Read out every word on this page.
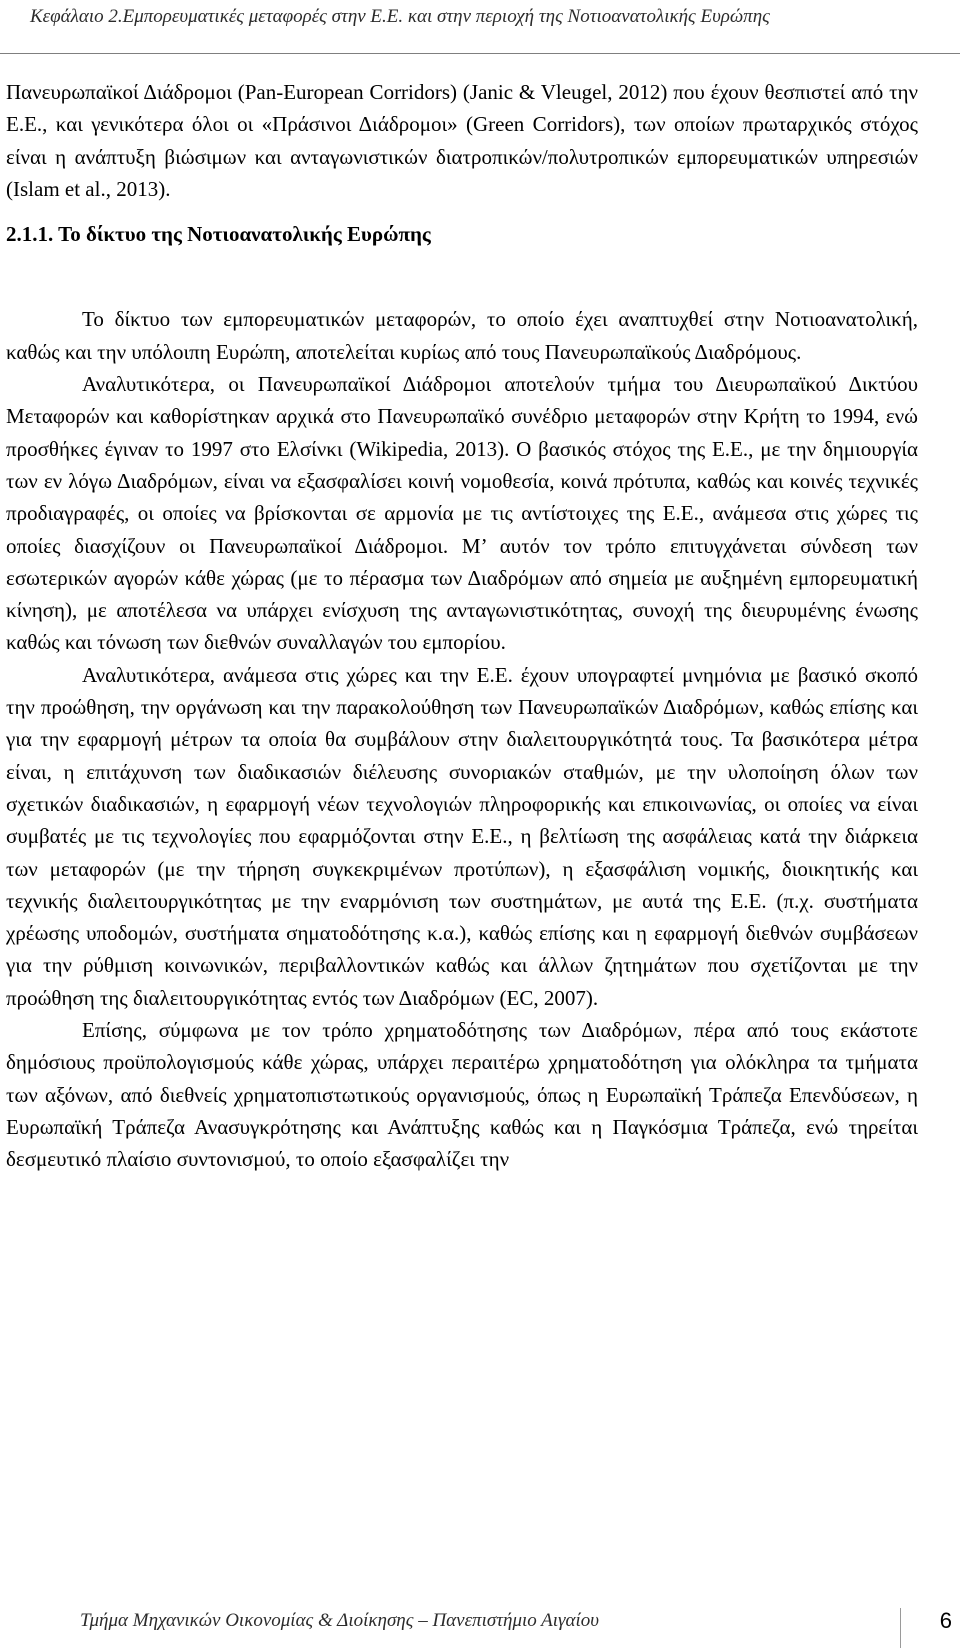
Κεφάλαιο 2.Εμπορευματικές μεταφορές στην Ε.Ε. και στην περιοχή της Νοτιοανατολικής Ευρώπης

Πανευρωπαϊκοί Διάδρομοι (Pan-European Corridors) (Janic & Vleugel, 2012) που έχουν θεσπιστεί από την Ε.Ε., και γενικότερα όλοι οι «Πράσινοι Διάδρομοι» (Green Corridors), των οποίων πρωταρχικός στόχος είναι η ανάπτυξη βιώσιμων και ανταγωνιστικών διατροπικών/πολυτροπικών εμπορευματικών υπηρεσιών (Islam et al., 2013).

2.1.1. Το δίκτυο της Νοτιοανατολικής Ευρώπης

Το δίκτυο των εμπορευματικών μεταφορών, το οποίο έχει αναπτυχθεί στην Νοτιοανατολική, καθώς και την υπόλοιπη Ευρώπη, αποτελείται κυρίως από τους Πανευρωπαϊκούς Διαδρόμους.

Αναλυτικότερα, οι Πανευρωπαϊκοί Διάδρομοι αποτελούν τμήμα του Διευρωπαϊκού Δικτύου Μεταφορών και καθορίστηκαν αρχικά στο Πανευρωπαϊκό συνέδριο μεταφορών στην Κρήτη το 1994, ενώ προσθήκες έγιναν το 1997 στο Ελσίνκι (Wikipedia, 2013). Ο βασικός στόχος της Ε.Ε., με την δημιουργία των εν λόγω Διαδρόμων, είναι να εξασφαλίσει κοινή νομοθεσία, κοινά πρότυπα, καθώς και κοινές τεχνικές προδιαγραφές, οι οποίες να βρίσκονται σε αρμονία με τις αντίστοιχες της Ε.Ε., ανάμεσα στις χώρες τις οποίες διασχίζουν οι Πανευρωπαϊκοί Διάδρομοι. Μ’ αυτόν τον τρόπο επιτυγχάνεται σύνδεση των εσωτερικών αγορών κάθε χώρας (με το πέρασμα των Διαδρόμων από σημεία με αυξημένη εμπορευματική κίνηση), με αποτέλεσα να υπάρχει ενίσχυση της ανταγωνιστικότητας, συνοχή της διευρυμένης ένωσης καθώς και τόνωση των διεθνών συναλλαγών του εμπορίου.

Αναλυτικότερα, ανάμεσα στις χώρες και την Ε.Ε. έχουν υπογραφτεί μνημόνια με βασικό σκοπό την προώθηση, την οργάνωση και την παρακολούθηση των Πανευρωπαϊκών Διαδρόμων, καθώς επίσης και για την εφαρμογή μέτρων τα οποία θα συμβάλουν στην διαλειτουργικότητά τους. Τα βασικότερα μέτρα είναι, η επιτάχυνση των διαδικασιών διέλευσης συνοριακών σταθμών, με την υλοποίηση όλων των σχετικών διαδικασιών, η εφαρμογή νέων τεχνολογιών πληροφορικής και επικοινωνίας, οι οποίες να είναι συμβατές με τις τεχνολογίες που εφαρμόζονται στην Ε.Ε., η βελτίωση της ασφάλειας κατά την διάρκεια των μεταφορών (με την τήρηση συγκεκριμένων προτύπων), η εξασφάλιση νομικής, διοικητικής και τεχνικής διαλειτουργικότητας με την εναρμόνιση των συστημάτων, με αυτά της Ε.Ε. (π.χ. συστήματα χρέωσης υποδομών, συστήματα σηματοδότησης κ.α.), καθώς επίσης και η εφαρμογή διεθνών συμβάσεων για την ρύθμιση κοινωνικών, περιβαλλοντικών καθώς και άλλων ζητημάτων που σχετίζονται με την προώθηση της διαλειτουργικότητας εντός των Διαδρόμων (EC, 2007).

Επίσης, σύμφωνα με τον τρόπο χρηματοδότησης των Διαδρόμων, πέρα από τους εκάστοτε δημόσιους προϋπολογισμούς κάθε χώρας, υπάρχει περαιτέρω χρηματοδότηση για ολόκληρα τα τμήματα των αξόνων, από διεθνείς χρηματοπιστωτικούς οργανισμούς, όπως η Ευρωπαϊκή Τράπεζα Επενδύσεων, η Ευρωπαϊκή Τράπεζα Ανασυγκρότησης και Ανάπτυξης καθώς και η Παγκόσμια Τράπεζα, ενώ τηρείται δεσμευτικό πλαίσιο συντονισμού, το οποίο εξασφαλίζει την

Τμήμα Μηχανικών Οικονομίας & Διοίκησης – Πανεπιστήμιο Αιγαίου	6
